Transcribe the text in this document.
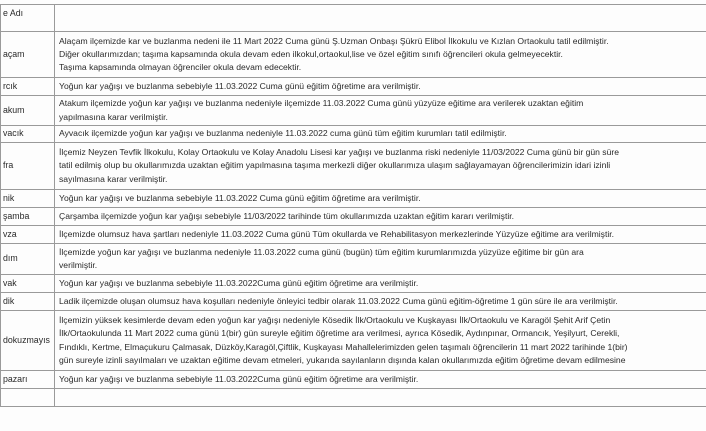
e Adı	
açam	Alaçam ilçemizde kar ve buzlanma nedeni ile 11 Mart 2022 Cuma günü Ş.Uzman Onbaşı Şükrü Elibol İlkokulu ve Kızlan Ortaokulu tatil edilmiştir.
Diğer okullarımızdan; taşıma kapsamında okula devam eden ilkokul,ortaokul,lise ve özel eğitim sınıfı öğrencileri okula gelmeyecektir.
Taşıma kapsamında olmayan öğrenciler okula devam edecektir.

rcık	Yoğun kar yağışı ve buzlanma sebebiyle 11.03.2022 Cuma günü eğitim öğretime ara verilmiştir.

akum	Atakum ilçemizde yoğun kar yağışı ve buzlanma nedeniyle ilçemizde 11.03.2022 Cuma günü yüzyüze eğitime ara verilerek uzaktan eğitim
yapılmasına karar verilmiştir.

vacık	Ayvacık ilçemizde yoğun kar yağışı ve buzlanma nedeniyle 11.03.2022 cuma günü tüm eğitim kurumları tatil edilmiştir.

fra	İlçemiz Neyzen Tevfik İlkokulu, Kolay Ortaokulu ve Kolay Anadolu Lisesi kar yağışı ve buzlanma riski nedeniyle 11/03/2022 Cuma günü bir gün süre
tatil edilmiş olup bu okullarımızda uzaktan eğitim yapılmasına taşıma merkezli diğer okullarımıza ulaşım sağlayamayan öğrencilerimizin idari izinli
sayılmasına karar verilmiştir.

nik	Yoğun kar yağışı ve buzlanma sebebiyle 11.03.2022 Cuma günü eğitim öğretime ara verilmiştir.

şamba	Çarşamba ilçemizde yoğun kar yağışı sebebiyle 11/03/2022 tarihinde tüm okullarımızda uzaktan eğitim kararı verilmiştir.

vza	İlçemizde olumsuz hava şartları nedeniyle 11.03.2022 Cuma günü Tüm okullarda ve Rehabilitasyon merkezlerinde Yüzyüze eğitime ara verilmiştir.

dım	İlçemizde yoğun kar yağışı ve buzlanma nedeniyle 11.03.2022 cuma günü (bugün) tüm eğitim kurumlarımızda yüzyüze eğitime bir gün ara
verilmiştir.

vak	Yoğun kar yağışı ve buzlanma sebebiyle 11.03.2022Cuma günü eğitim öğretime ara verilmiştir.

dik	Ladik ilçemizde oluşan olumsuz hava koşulları nedeniyle önleyici tedbir olarak 11.03.2022 Cuma günü eğitim-öğretime 1 gün süre ile ara verilmiştir.

dokuzmayıs	İlçemizin yüksek kesimlerde devam eden yoğun kar yağışı nedeniyle Kösedik İlk/Ortaokulu ve Kuşkayası İlk/Ortaokulu ve Karagöl Şehit Arif Çetin
İlk/Ortaokulunda 11 Mart 2022 cuma günü 1(bir) gün sureyle eğitim öğretime ara verilmesi, ayrıca Kösedik, Aydınpınar, Ormancık, Yeşilyurt, Cerekli,
Fındıklı, Kertme, Elmaçukuru Çalmasak, Düzköy,Karagöl,Çiftlik, Kuşkayası Mahallelerimizden gelen taşımalı öğrencilerin 11 mart 2022 tarihinde 1(bir)
gün sureyle izinli sayılmaları ve uzaktan eğitime devam etmeleri, yukarıda sayılanların dışında kalan okullarımızda eğitim öğretime devam edilmesine

pazarı	Yoğun kar yağışı ve buzlanma sebebiyle 11.03.2022Cuma günü eğitim öğretime ara verilmiştir.
